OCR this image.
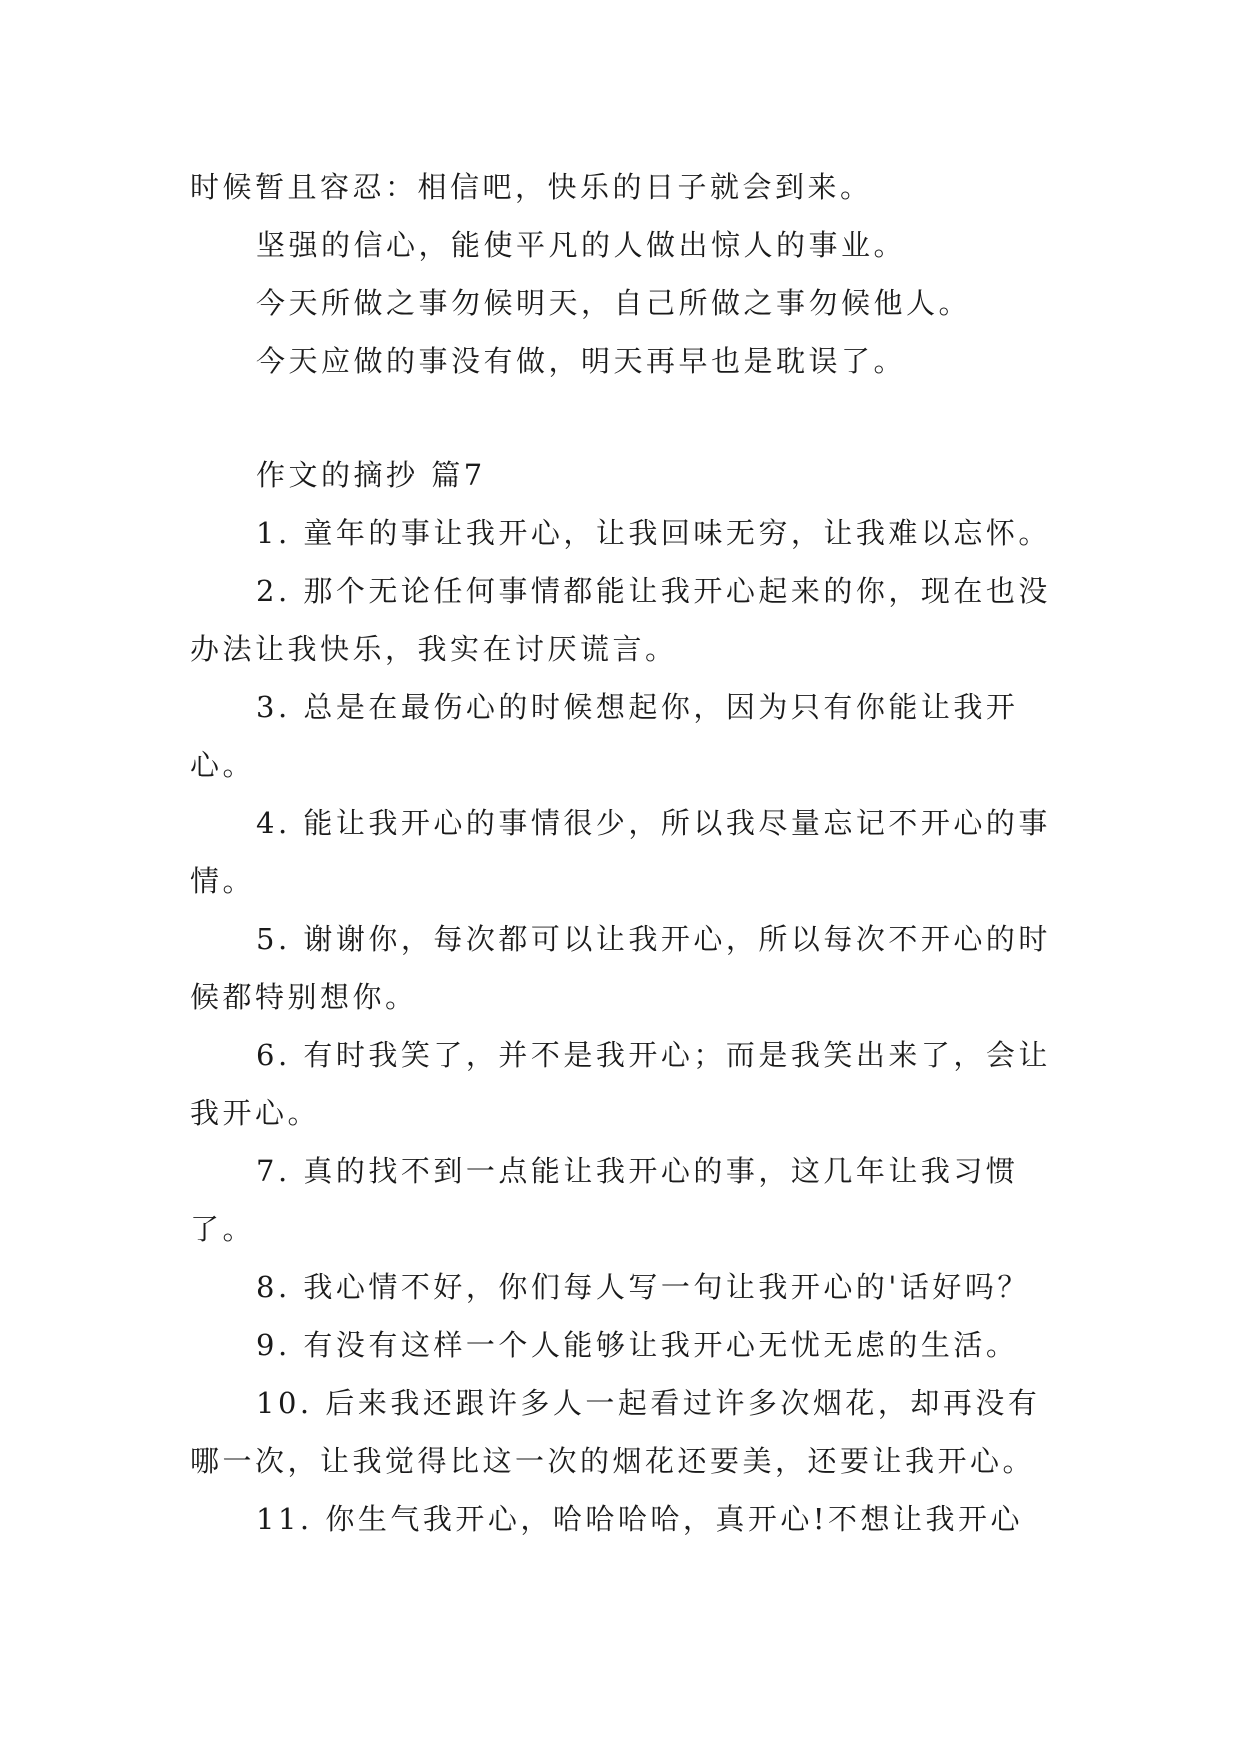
时候暂且容忍：相信吧，快乐的日子就会到来。

坚强的信心，能使平凡的人做出惊人的事业。

今天所做之事勿候明天，自己所做之事勿候他人。

今天应做的事没有做，明天再早也是耽误了。

作文的摘抄 篇7

1. 童年的事让我开心，让我回味无穷，让我难以忘怀。

2. 那个无论任何事情都能让我开心起来的你，现在也没办法让我快乐，我实在讨厌谎言。

3. 总是在最伤心的时候想起你，因为只有你能让我开心。

4. 能让我开心的事情很少，所以我尽量忘记不开心的事情。

5. 谢谢你，每次都可以让我开心，所以每次不开心的时候都特别想你。

6. 有时我笑了，并不是我开心；而是我笑出来了，会让我开心。

7. 真的找不到一点能让我开心的事，这几年让我习惯了。

8. 我心情不好，你们每人写一句让我开心的'话好吗？

9. 有没有这样一个人能够让我开心无忧无虑的生活。

10. 后来我还跟许多人一起看过许多次烟花，却再没有哪一次，让我觉得比这一次的烟花还要美，还要让我开心。

11. 你生气我开心，哈哈哈哈，真开心!不想让我开心
